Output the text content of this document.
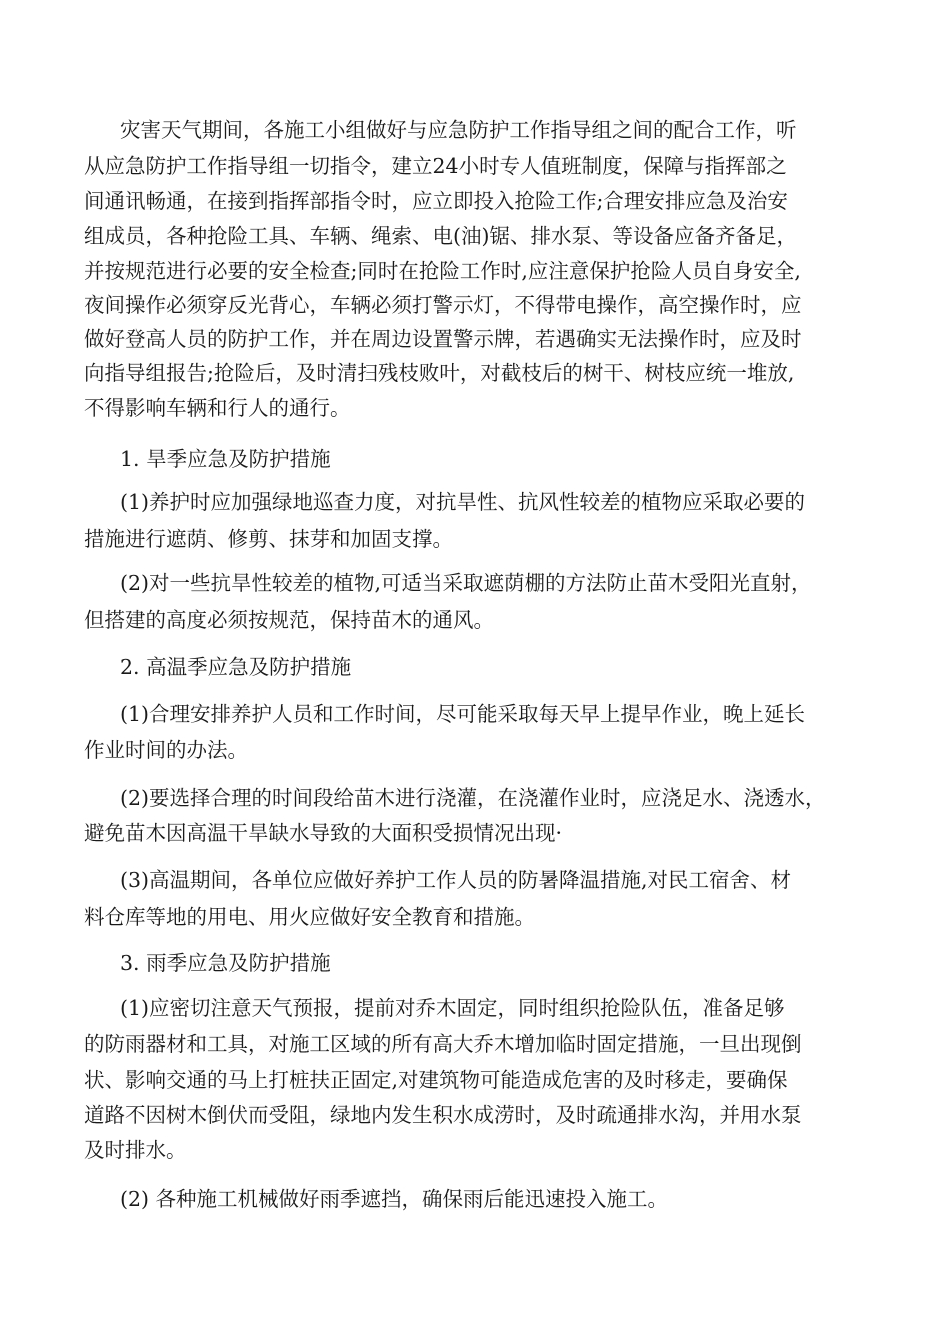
灾害天气期间，各施工小组做好与应急防护工作指导组之间的配合工作，听
从应急防护工作指导组一切指令，建立24小时专人值班制度，保障与指挥部之
间通讯畅通，在接到指挥部指令时，应立即投入抢险工作;合理安排应急及治安
组成员，各种抢险工具、车辆、绳索、电(油)锯、排水泵、等设备应备齐备足，
并按规范进行必要的安全检查;同时在抢险工作时,应注意保护抢险人员自身安全,
夜间操作必须穿反光背心，车辆必须打警示灯，不得带电操作，高空操作时，应
做好登高人员的防护工作，并在周边设置警示牌，若遇确实无法操作时，应及时
向指导组报告;抢险后，及时清扫残枝败叶，对截枝后的树干、树枝应统一堆放,
不得影响车辆和行人的通行。
1. 旱季应急及防护措施
(1)养护时应加强绿地巡查力度，对抗旱性、抗风性较差的植物应采取必要的
措施进行遮荫、修剪、抹芽和加固支撑。
(2)对一些抗旱性较差的植物,可适当采取遮荫棚的方法防止苗木受阳光直射，
但搭建的高度必须按规范，保持苗木的通风。
2. 高温季应急及防护措施
(1)合理安排养护人员和工作时间，尽可能采取每天早上提早作业，晚上延长
作业时间的办法。
(2)要选择合理的时间段给苗木进行浇灌，在浇灌作业时，应浇足水、浇透水，
避免苗木因高温干旱缺水导致的大面积受损情况出现·
(3)高温期间，各单位应做好养护工作人员的防暑降温措施,对民工宿舍、材
料仓库等地的用电、用火应做好安全教育和措施。
3. 雨季应急及防护措施
(1)应密切注意天气预报，提前对乔木固定，同时组织抢险队伍，准备足够
的防雨器材和工具，对施工区域的所有高大乔木增加临时固定措施，一旦出现倒
状、影响交通的马上打桩扶正固定,对建筑物可能造成危害的及时移走，要确保
道路不因树木倒伏而受阻，绿地内发生积水成涝时，及时疏通排水沟，并用水泵
及时排水。
(2) 各种施工机械做好雨季遮挡，确保雨后能迅速投入施工。
